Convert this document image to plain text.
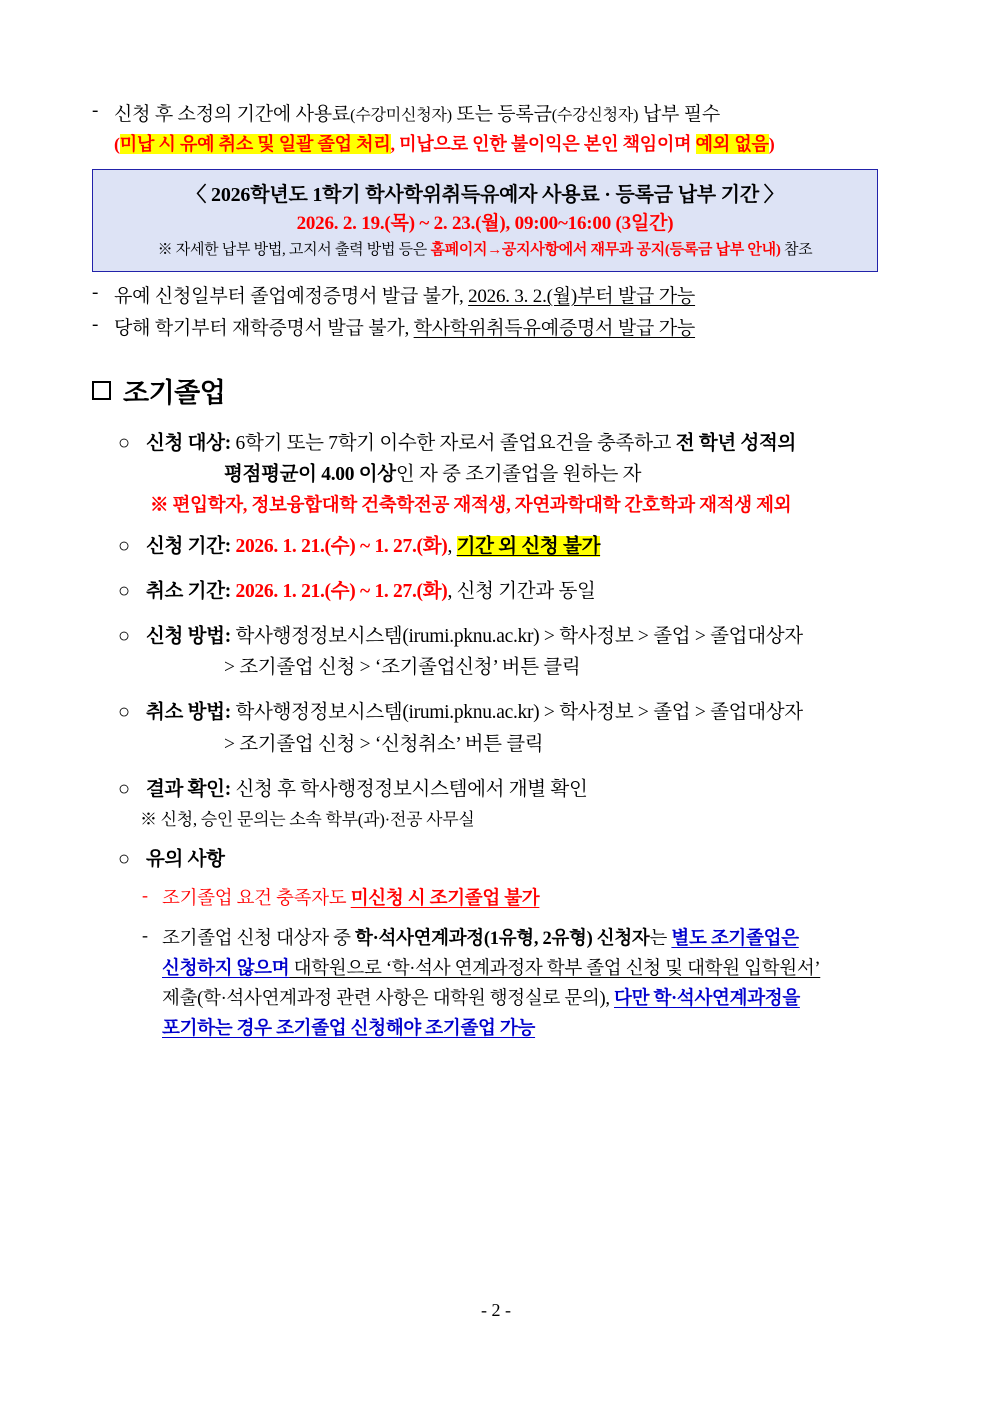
- 신청 후 소정의 기간에 사용료(수강미신청자) 또는 등록금(수강신청자) 납부 필수
(미납 시 유예 취소 및 일괄 졸업 처리, 미납으로 인한 불이익은 본인 책임이며 예외 없음)
〈 2026학년도 1학기 학사학위취득유예자 사용료 · 등록금 납부 기간 〉
2026. 2. 19.(목) ~ 2. 23.(월), 09:00~16:00 (3일간)
※ 자세한 납부 방법, 고지서 출력 방법 등은 홈페이지→공지사항에서 재무과 공지(등록금 납부 안내) 참조
- 유예 신청일부터 졸업예정증명서 발급 불가, 2026. 3. 2.(월)부터 발급 가능
- 당해 학기부터 재학증명서 발급 불가, 학사학위취득유예증명서 발급 가능
조기졸업
○ 신청 대상: 6학기 또는 7학기 이수한 자로서 졸업요건을 충족하고 전 학년 성적의
평점평균이 4.00 이상인 자 중 조기졸업을 원하는 자
※ 편입학자, 정보융합대학 건축학전공 재적생, 자연과학대학 간호학과 재적생 제외
○ 신청 기간: 2026. 1. 21.(수) ~ 1. 27.(화), 기간 외 신청 불가
○ 취소 기간: 2026. 1. 21.(수) ~ 1. 27.(화), 신청 기간과 동일
○ 신청 방법: 학사행정정보시스템(irumi.pknu.ac.kr) > 학사정보 > 졸업 > 졸업대상자
> 조기졸업 신청 > ‘조기졸업신청’ 버튼 클릭
○ 취소 방법: 학사행정정보시스템(irumi.pknu.ac.kr) > 학사정보 > 졸업 > 졸업대상자
> 조기졸업 신청 > ‘신청취소’ 버튼 클릭
○ 결과 확인: 신청 후 학사행정정보시스템에서 개별 확인
※ 신청, 승인 문의는 소속 학부(과)·전공 사무실
○ 유의 사항
- 조기졸업 요건 충족자도 미신청 시 조기졸업 불가
- 조기졸업 신청 대상자 중 학·석사연계과정(1유형, 2유형) 신청자는 별도 조기졸업은
신청하지 않으며 대학원으로 ‘학·석사 연계과정자 학부 졸업 신청 및 대학원 입학원서’
제출(학·석사연계과정 관련 사항은 대학원 행정실로 문의), 다만 학·석사연계과정을
포기하는 경우 조기졸업 신청해야 조기졸업 가능
- 2 -
